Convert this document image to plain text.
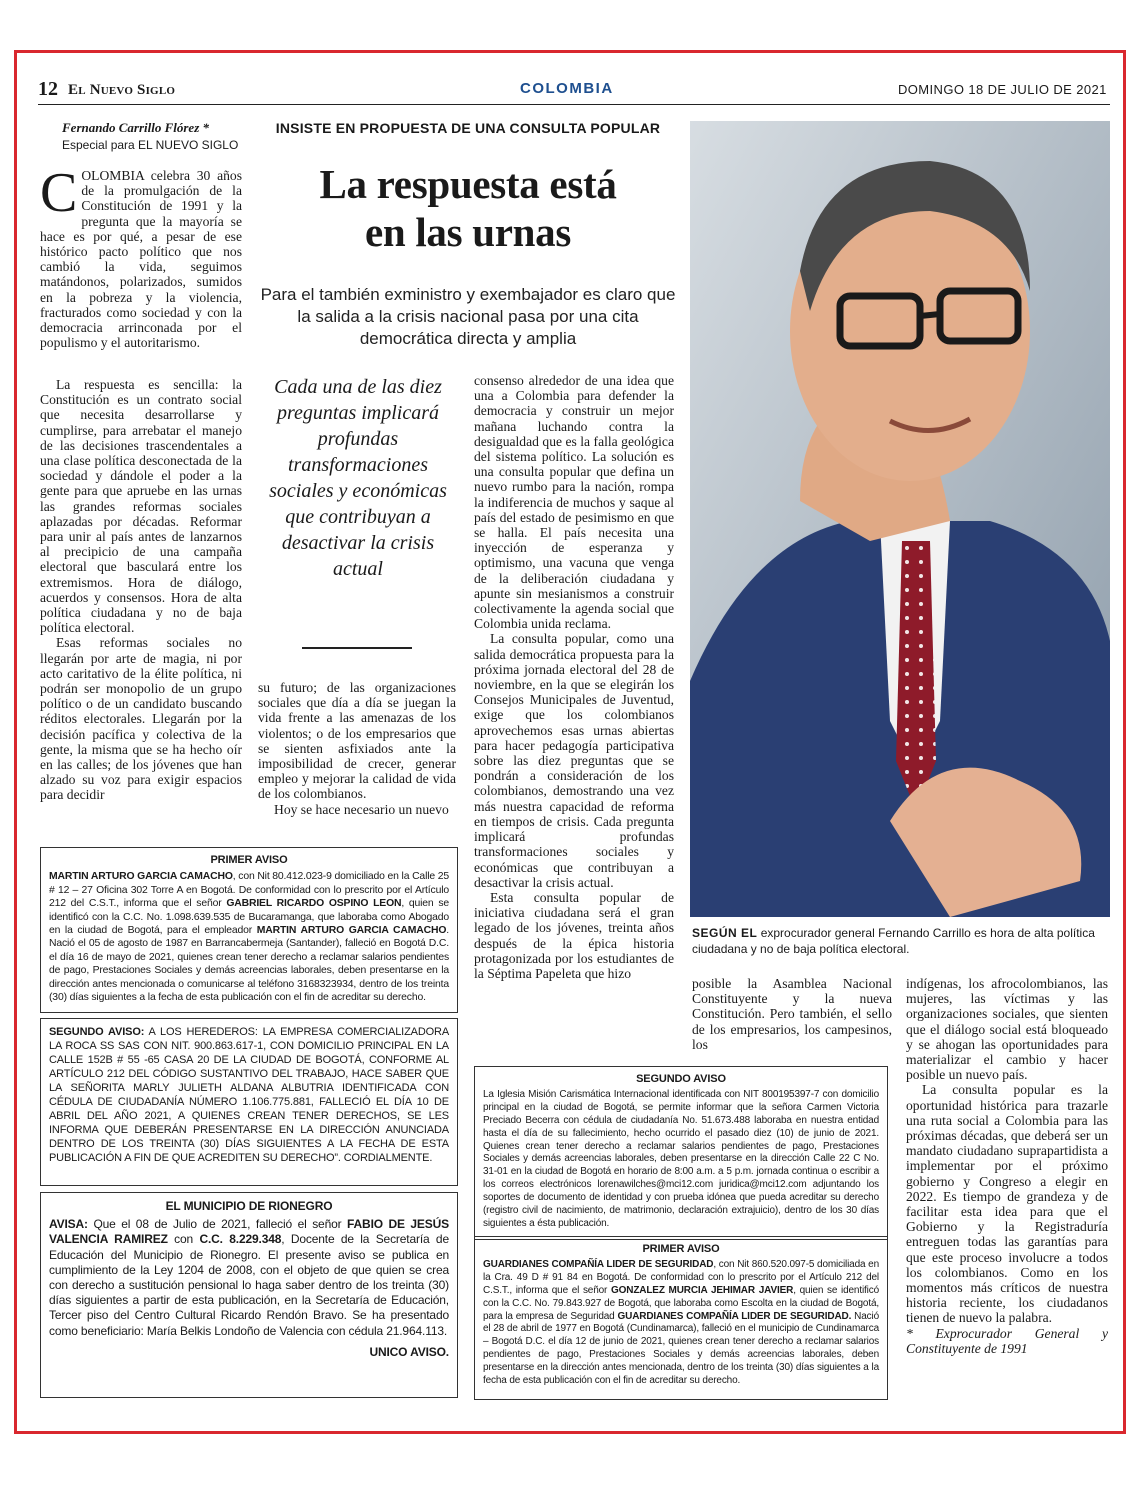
12 El Nuevo Siglo	COLOMBIA	DOMINGO 18 DE JULIO DE 2021
Fernando Carrillo Flórez *
Especial para EL NUEVO SIGLO
C OLOMBIA celebra 30 años de la promulgación de la Constitución de 1991 y la pregunta que la mayoría se hace es por qué, a pesar de ese histórico pacto político que nos cambió la vida, seguimos matándonos, polarizados, sumidos en la pobreza y la violencia, fracturados como sociedad y con la democracia arrinconada por el populismo y el autoritarismo.

La respuesta es sencilla: la Constitución es un contrato social que necesita desarrollarse y cumplirse, para arrebatar el manejo de las decisiones trascendentales a una clase política desconectada de la sociedad y dándole el poder a la gente para que apruebe en las urnas las grandes reformas sociales aplazadas por décadas. Reformar para unir al país antes de lanzarnos al precipicio de una campaña electoral que basculará entre los extremismos. Hora de diálogo, acuerdos y consensos. Hora de alta política ciudadana y no de baja política electoral.

Esas reformas sociales no llegarán por arte de magia, ni por acto caritativo de la élite política, ni podrán ser monopolio de un grupo político o de un candidato buscando réditos electorales. Llegarán por la decisión pacífica y colectiva de la gente, la misma que se ha hecho oír en las calles; de los jóvenes que han alzado su voz para exigir espacios para decidir

INSISTE EN PROPUESTA DE UNA CONSULTA POPULAR
La respuesta está
en las urnas
Para el también exministro y exembajador es claro que la salida a la crisis nacional pasa por una cita democrática directa y amplia
Cada una de las diez preguntas implicará profundas transformaciones sociales y económicas que contribuyan a desactivar la crisis actual

su futuro; de las organizaciones sociales que día a día se juegan la vida frente a las amenazas de los violentos; o de los empresarios que se sienten asfixiados ante la imposibilidad de crecer, generar empleo y mejorar la calidad de vida de los colombianos.

Hoy se hace necesario un nuevo

consenso alrededor de una idea que una a Colombia para defender la democracia y construir un mejor mañana luchando contra la desigualdad que es la falla geológica del sistema político. La solución es una consulta popular que defina un nuevo rumbo para la nación, rompa la indiferencia de muchos y saque al país del estado de pesimismo en que se halla. El país necesita una inyección de esperanza y optimismo, una vacuna que venga de la deliberación ciudadana y apunte sin mesianismos a construir colectivamente la agenda social que Colombia unida reclama.

La consulta popular, como una salida democrática propuesta para la próxima jornada electoral del 28 de noviembre, en la que se elegirán los Consejos Municipales de Juventud, exige que los colombianos aprovechemos esas urnas abiertas para hacer pedagogía participativa sobre las diez preguntas que se pondrán a consideración de los colombianos, demostrando una vez más nuestra capacidad de reforma en tiempos de crisis. Cada pregunta implicará profundas transformaciones sociales y económicas que contribuyan a desactivar la crisis actual.

Esta consulta popular de iniciativa ciudadana será el gran legado de los jóvenes, treinta años después de la épica historia protagonizada por los estudiantes de la Séptima Papeleta que hizo

SEGÚN EL exprocurador general Fernando Carrillo es hora de alta política ciudadana y no de baja política electoral.
PRIMER AVISO
MARTIN ARTURO GARCIA CAMACHO, con Nit 80.412.023-9 domiciliado en la Calle 25 # 12 – 27 Oficina 302 Torre A en Bogotá. De conformidad con lo prescrito por el Artículo 212 del C.S.T., informa que el señor GABRIEL RICARDO OSPINO LEON, quien se identificó con la C.C. No. 1.098.639.535 de Bucaramanga, que laboraba como Abogado en la ciudad de Bogotá, para el empleador MARTIN ARTURO GARCIA CAMACHO. Nació el 05 de agosto de 1987 en Barrancabermeja (Santander), falleció en Bogotá D.C. el día 16 de mayo de 2021, quienes crean tener derecho a reclamar salarios pendientes de pago, Prestaciones Sociales y demás acreencias laborales, deben presentarse en la dirección antes mencionada o comunicarse al teléfono 3168323934, dentro de los treinta (30) días siguientes a la fecha de esta publicación con el fin de acreditar su derecho.
SEGUNDO AVISO: A LOS HEREDEROS: LA EMPRESA COMERCIALIZADORA LA ROCA SS SAS CON NIT. 900.863.617-1, CON DOMICILIO PRINCIPAL EN LA CALLE 152B # 55 -65 CASA 20 DE LA CIUDAD DE BOGOTÁ, CONFORME AL ARTÍCULO 212 DEL CÓDIGO SUSTANTIVO DEL TRABAJO, HACE SABER QUE LA SEÑORITA MARLY JULIETH ALDANA ALBUTRIA IDENTIFICADA CON CÉDULA DE CIUDADANÍA NÚMERO 1.106.775.881, FALLECIÓ EL DÍA 10 DE ABRIL DEL AÑO 2021, A QUIENES CREAN TENER DERECHOS, SE LES INFORMA QUE DEBERÁN PRESENTARSE EN LA DIRECCIÓN ANUNCIADA DENTRO DE LOS TREINTA (30) DÍAS SIGUIENTES A LA FECHA DE ESTA PUBLICACIÓN A FIN DE QUE ACREDITEN SU DERECHO”. CORDIALMENTE.
EL MUNICIPIO DE RIONEGRO
AVISA: Que el 08 de Julio de 2021, falleció el señor FABIO DE JESÚS VALENCIA RAMIREZ con C.C. 8.229.348, Docente de la Secretaría de Educación del Municipio de Rionegro. El presente aviso se publica en cumplimiento de la Ley 1204 de 2008, con el objeto de que quien se crea con derecho a sustitución pensional lo haga saber dentro de los treinta (30) días siguientes a partir de esta publicación, en la Secretaría de Educación, Tercer piso del Centro Cultural Ricardo Rendón Bravo. Se ha presentado como beneficiario: María Belkis Londoño de Valencia con cédula 21.964.113.
UNICO AVISO.
SEGUNDO AVISO
La Iglesia Misión Carismática Internacional identificada con NIT 800195397-7 con domicilio principal en la ciudad de Bogotá, se permite informar que la señora Carmen Victoria Preciado Becerra con cédula de ciudadanía No. 51.673.488 laboraba en nuestra entidad hasta el día de su fallecimiento, hecho ocurrido el pasado diez (10) de junio de 2021. Quienes crean tener derecho a reclamar salarios pendientes de pago, Prestaciones Sociales y demás acreencias laborales, deben presentarse en la dirección Calle 22 C No. 31-01 en la ciudad de Bogotá en horario de 8:00 a.m. a 5 p.m. jornada continua o escribir a los correos electrónicos lorenawilches@mci12.com juridica@mci12.com adjuntando los soportes de documento de identidad y con prueba idónea que pueda acreditar su derecho (registro civil de nacimiento, de matrimonio, declaración extrajuicio), dentro de los 30 días siguientes a ésta publicación.
PRIMER AVISO
GUARDIANES COMPAÑÍA LIDER DE SEGURIDAD, con Nit 860.520.097-5 domiciliada en la Cra. 49 D # 91 84 en Bogotá. De conformidad con lo prescrito por el Artículo 212 del C.S.T., informa que el señor GONZALEZ MURCIA JEHIMAR JAVIER, quien se identificó con la C.C. No. 79.843.927 de Bogotá, que laboraba como Escolta en la ciudad de Bogotá, para la empresa de Seguridad GUARDIANES COMPAÑÍA LIDER DE SEGURIDAD. Nació el 28 de abril de 1977 en Bogotá (Cundinamarca), falleció en el municipio de Cundinamarca – Bogotá D.C. el día 12 de junio de 2021, quienes crean tener derecho a reclamar salarios pendientes de pago, Prestaciones Sociales y demás acreencias laborales, deben presentarse en la dirección antes mencionada, dentro de los treinta (30) días siguientes a la fecha de esta publicación con el fin de acreditar su derecho.

posible la Asamblea Nacional Constituyente y la nueva Constitución. Pero también, el sello de los empresarios, los campesinos, los

indígenas, los afrocolombianos, las mujeres, las víctimas y las organizaciones sociales, que sienten que el diálogo social está bloqueado y se ahogan las oportunidades para materializar el cambio y hacer posible un nuevo país.

La consulta popular es la oportunidad histórica para trazarle una ruta social a Colombia para las próximas décadas, que deberá ser un mandato ciudadano suprapartidista a implementar por el próximo gobierno y Congreso a elegir en 2022. Es tiempo de grandeza y de facilitar esta idea para que el Gobierno y la Registraduría entreguen todas las garantías para que este proceso involucre a todos los colombianos. Como en los momentos más críticos de nuestra historia reciente, los ciudadanos tienen de nuevo la palabra.

* Exprocurador General y Constituyente de 1991
